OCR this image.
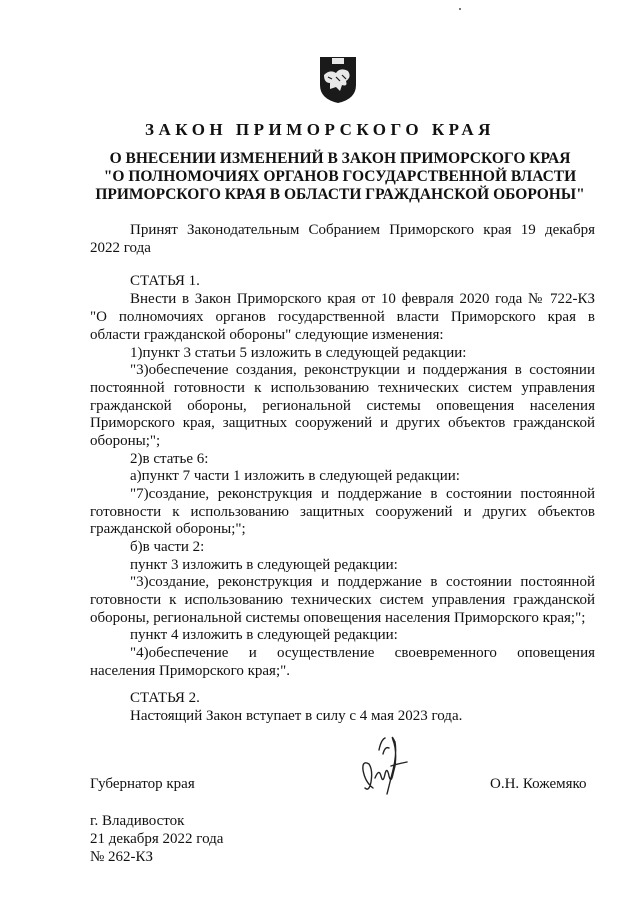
ЗАКОН ПРИМОРСКОГО КРАЯ
О ВНЕСЕНИИ ИЗМЕНЕНИЙ В ЗАКОН ПРИМОРСКОГО КРАЯ
"О ПОЛНОМОЧИЯХ ОРГАНОВ ГОСУДАРСТВЕННОЙ ВЛАСТИ
ПРИМОРСКОГО КРАЯ В ОБЛАСТИ ГРАЖДАНСКОЙ ОБОРОНЫ"
Принят Законодательным Собранием Приморского края 19 декабря
2022 года
СТАТЬЯ 1.
Внести в Закон Приморского края от 10 февраля 2020 года № 722-КЗ
"О полномочиях органов государственной власти Приморского края в
области гражданской обороны" следующие изменения:
1)пункт 3 статьи 5 изложить в следующей редакции:
"3)обеспечение создания, реконструкции и поддержания в состоянии
постоянной готовности к использованию технических систем управления
гражданской обороны, региональной системы оповещения населения
Приморского края, защитных сооружений и других объектов гражданской
обороны;";
2)в статье 6:
а)пункт 7 части 1 изложить в следующей редакции:
"7)создание, реконструкция и поддержание в состоянии постоянной
готовности к использованию защитных сооружений и других объектов
гражданской обороны;";
б)в части 2:
пункт 3 изложить в следующей редакции:
"3)создание, реконструкция и поддержание в состоянии постоянной
готовности к использованию технических систем управления гражданской
обороны, региональной системы оповещения населения Приморского края;";
пункт 4 изложить в следующей редакции:
"4)обеспечение и осуществление своевременного оповещения
населения Приморского края;".
СТАТЬЯ 2.
Настоящий Закон вступает в силу с 4 мая 2023 года.
Губернатор края	О.Н. Кожемяко
г. Владивосток
21 декабря 2022 года
№ 262-КЗ
